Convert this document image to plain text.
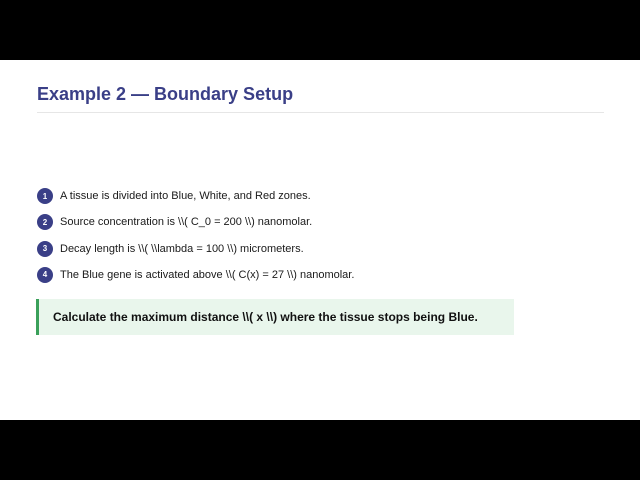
Example 2 — Boundary Setup
1	A tissue is divided into Blue, White, and Red zones.
2	Source concentration is \\( C_0 = 200 \\) nanomolar.
3	Decay length is \\( \\lambda = 100 \\) micrometers.
4	The Blue gene is activated above \\( C(x) = 27 \\) nanomolar.
Calculate the maximum distance \\( x \\) where the tissue stops being Blue.
